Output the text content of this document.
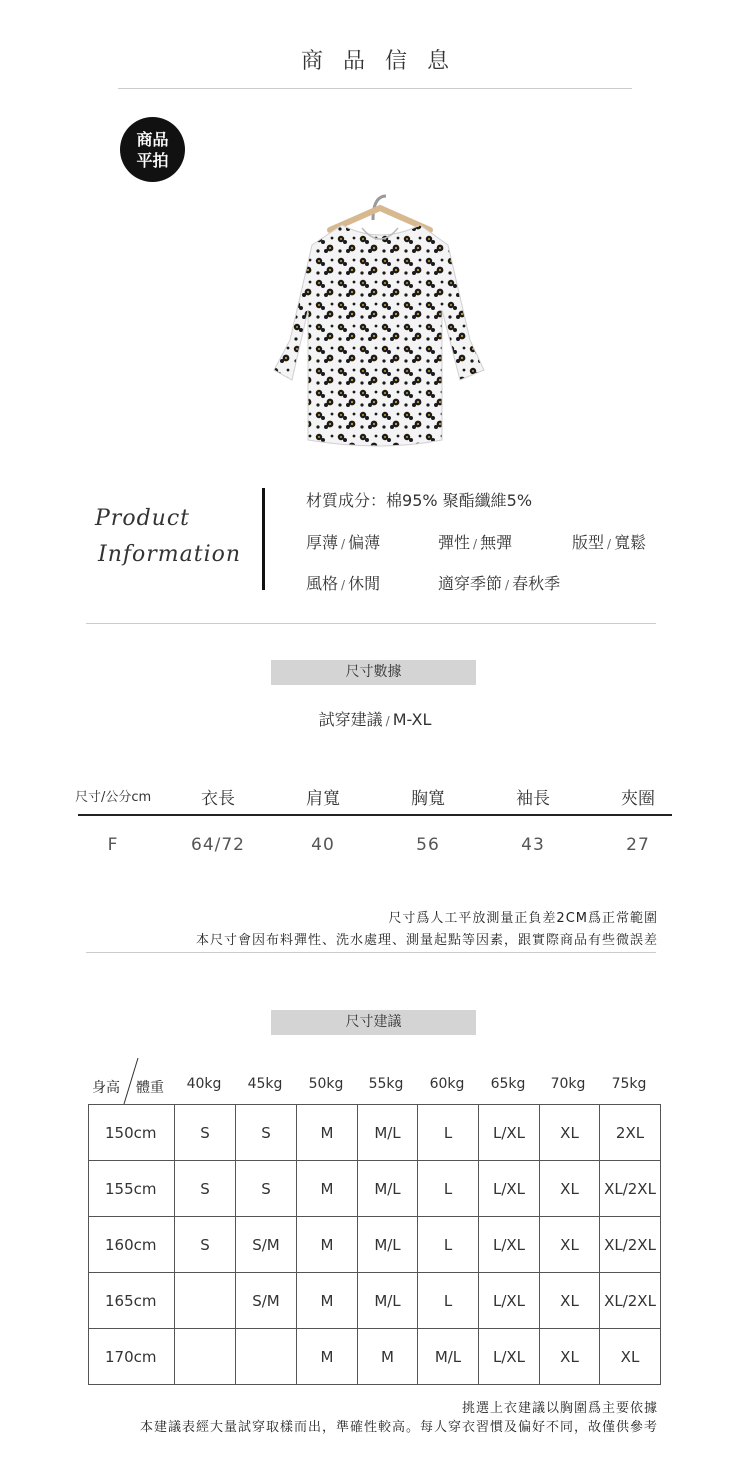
商品信息
商品
平拍
Product
Information
材質成分：棉95% 聚酯纖維5%
厚薄 / 偏薄	彈性 / 無彈	版型 / 寬鬆
風格 / 休閒	適穿季節 / 春秋季
尺寸數據
試穿建議 / M-XL
尺寸/公分cm	衣長	肩寬	胸寬	袖長	夾圈
F	64/72	40	56	43	27
尺寸爲人工平放測量正負差2CM爲正常範圍
本尺寸會因布料彈性、洗水處理、測量起點等因素，跟實際商品有些微誤差
尺寸建議
身高 體重	40kg	45kg	50kg	55kg	60kg	65kg	70kg	75kg
150cm	S	S	M	M/L	L	L/XL	XL	2XL
155cm	S	S	M	M/L	L	L/XL	XL	XL/2XL
160cm	S	S/M	M	M/L	L	L/XL	XL	XL/2XL
165cm		S/M	M	M/L	L	L/XL	XL	XL/2XL
170cm			M	M	M/L	L/XL	XL	XL
挑選上衣建議以胸圍爲主要依據
本建議表經大量試穿取樣而出，準確性較高。每人穿衣習慣及偏好不同，故僅供參考
